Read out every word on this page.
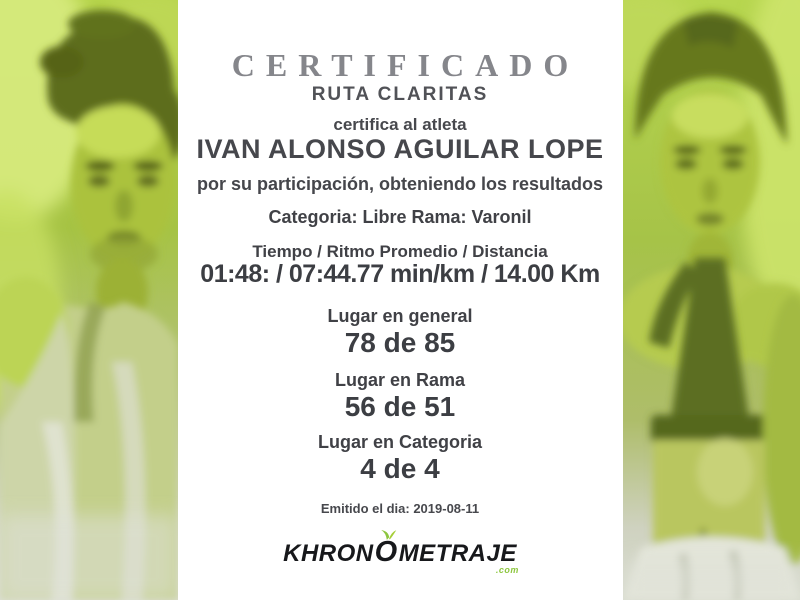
CERTIFICADO
RUTA CLARITAS
certifica al atleta
IVAN ALONSO AGUILAR LOPE
por su participación, obteniendo los resultados
Categoria: Libre Rama: Varonil
Tiempo / Ritmo Promedio / Distancia
01:48: / 07:44.77 min/km / 14.00 Km
Lugar en general
78 de 85
Lugar en Rama
56 de 51
Lugar en Categoria
4 de 4
Emitido el dia: 2019-08-11
KHRON O METRAJE
.com
